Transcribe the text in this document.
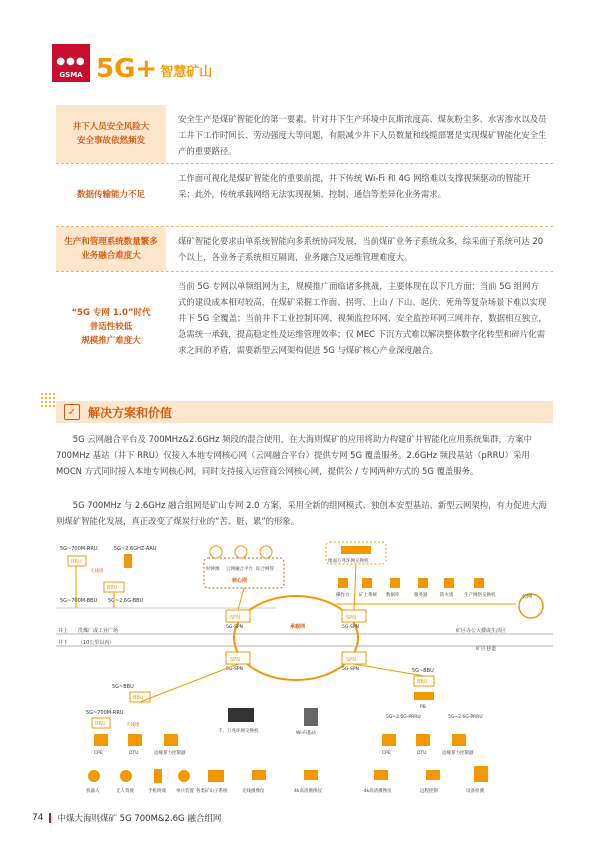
●●●
GSMA 5G+ 智慧矿山
井下人员安全风险大
安全事故依然频发
安全生产是煤矿智能化的第一要素。针对井下生产环境中瓦斯浓度高、煤灰粉尘多、水害渗水以及员工井下工作时间长、劳动强度大等问题，有限减少井下人员数量和线缆部署是实现煤矿智能化安全生产的重要路径。
数据传输能力不足
工作面可视化是煤矿智能化的重要前提，井下传统 Wi-Fi 和 4G 网络难以支撑视频驱动的智能开采；此外，传统承载网络无法实现视频、控制、通信等差异化业务需求。
生产和管理系统数量繁多
业务融合难度大
煤矿智能化要求由单系统智能向多系统协同发展，当前煤矿业务子系统众多，综采面子系统可达 20 个以上，各业务子系统相互隔离，业务融合及运维管理难度大。
“5G 专网 1.0”时代
普适性较低
规模推广难度大
当前 5G 专网以单频组网为主，规模推广面临诸多挑战，主要体现在以下几方面：当前 5G 组网方式的建设成本相对较高，在煤矿采掘工作面、拐弯、上山 / 下山、起伏、死角等复杂场景下难以实现井下 5G 全覆盖；当前井下工业控制环网、视频监控环网、安全监控环网三网并存，数据相互独立，急需统一承载，提高稳定性及运维管理效率；仅 MEC 下沉方式难以解决整体数字化转型和碎片化需求之间的矛盾，需要新型云网架构促进 5G 与煤矿核心产业深度融合。
✓ 解决方案和价值

5G 云网融合平台及 700MHz&2.6GHz 频段的混合使用，在大海则煤矿的应用将助力构建矿井智能化应用系统集群，方案中 700MHz 基站（井下 RRU）仅接入本地专网核心网（云网融合平台）提供专网 5G 覆盖服务。2.6GHz 频段基站（pRRU）采用 MOCN 方式同时接入本地专网核心网，同时支持接入运营商公网核心网，提供公 / 专网两种方式的 5G 覆盖服务。

5G 700MHz 与 2.6GHz 融合组网是矿山专网 2.0 方案，采用全新的组网模式、独创本安型基站、新型云网架构，有力促进大海则煤矿智能化发展，真正改变了煤炭行业的“苦、脏、累”的形象。

井上 洗煤厂或工业广场
井下 （10公里以内）
矿区办公大楼或生活区
矿区巷道
5G~700M-RRU	5G~2.6GHZ-AAU
RRU
天线组
BBU
5G~700M-BBU 5G~2.6G-BBU
时钟源 云网融合平台 综合网管
核心网
地面万兆环网交换机
承载网
SPN
5G-SPN
SPN
5G-SPN
SPN
5G-SPN
SPN
5G-SPN
操作台 矿上系统 数据库	服务器	防火墙 生产网络交换机	公网
5G~BBU
BBU
5G~700M-RRU
RRU	天线组
CPE	DTU	边缘算力控制器
千、万兆环网交换机	Wi-Fi基站
5G~BBU
BBU
PB
5G~2.6G-PRRU	5G~2.6G-PRRU
CPE	DTU	边缘算力控制器
机器人	无人驾驶	手机终端 单兵装置 各类矿山子系统	无线摄像仪	4k高清摄像仪	-4k高清摄像仪	远程控制	设备检测
74 中煤大海则煤矿 5G 700M&2.6G 融合组网
